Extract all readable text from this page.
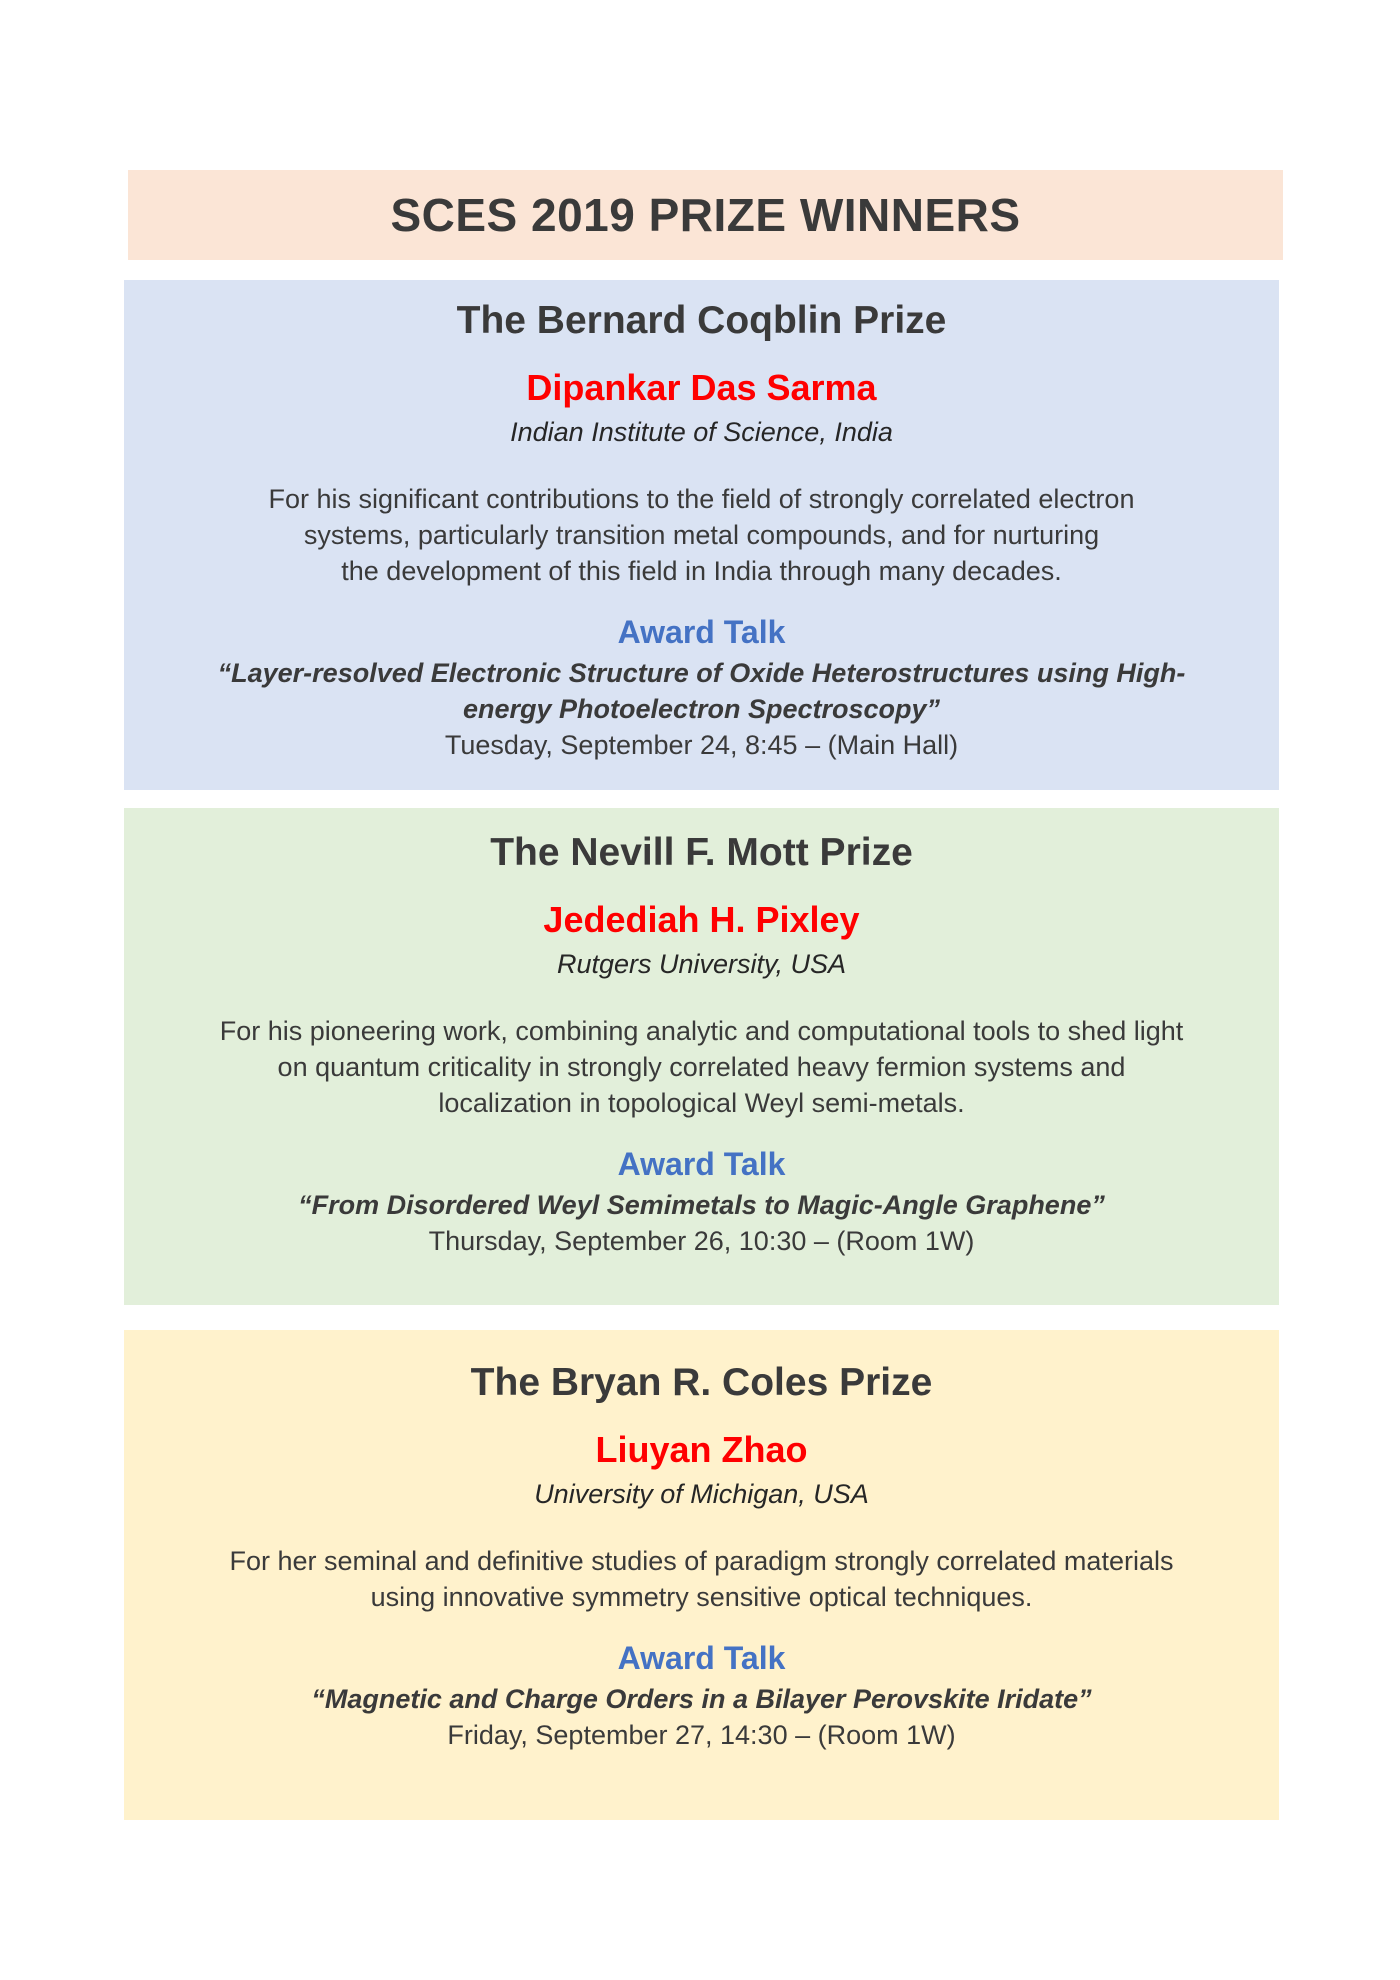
SCES 2019 PRIZE WINNERS
The Bernard Coqblin Prize

Dipankar Das Sarma

Indian Institute of Science, India

For his significant contributions to the field of strongly correlated electron
systems, particularly transition metal compounds, and for nurturing
the development of this field in India through many decades.

Award Talk

“Layer-resolved Electronic Structure of Oxide Heterostructures using High-
energy Photoelectron Spectroscopy”

Tuesday, September 24, 8:45 – (Main Hall)

The Nevill F. Mott Prize

Jedediah H. Pixley

Rutgers University, USA

For his pioneering work, combining analytic and computational tools to shed light
on quantum criticality in strongly correlated heavy fermion systems and
localization in topological Weyl semi-metals.

Award Talk

“From Disordered Weyl Semimetals to Magic-Angle Graphene”

Thursday, September 26, 10:30 – (Room 1W)

The Bryan R. Coles Prize

Liuyan Zhao

University of Michigan, USA

For her seminal and definitive studies of paradigm strongly correlated materials
using innovative symmetry sensitive optical techniques.

Award Talk

“Magnetic and Charge Orders in a Bilayer Perovskite Iridate”

Friday, September 27, 14:30 – (Room 1W)
